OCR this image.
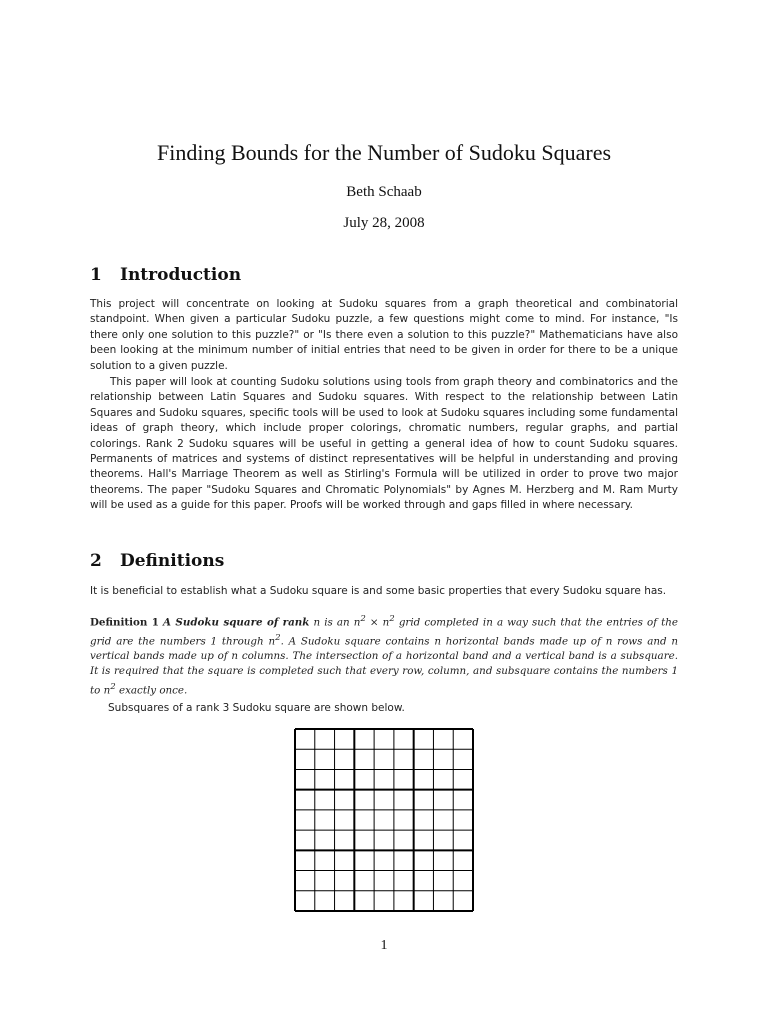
Finding Bounds for the Number of Sudoku Squares
Beth Schaab
July 28, 2008
1 Introduction
This project will concentrate on looking at Sudoku squares from a graph theoretical and combinatorial standpoint. When given a particular Sudoku puzzle, a few questions might come to mind. For instance, "Is there only one solution to this puzzle?" or "Is there even a solution to this puzzle?" Mathematicians have also been looking at the minimum number of initial entries that need to be given in order for there to be a unique solution to a given puzzle.
This paper will look at counting Sudoku solutions using tools from graph theory and combinatorics and the relationship between Latin Squares and Sudoku squares. With respect to the relationship between Latin Squares and Sudoku squares, specific tools will be used to look at Sudoku squares including some fundamental ideas of graph theory, which include proper colorings, chromatic numbers, regular graphs, and partial colorings. Rank 2 Sudoku squares will be useful in getting a general idea of how to count Sudoku squares. Permanents of matrices and systems of distinct representatives will be helpful in understanding and proving theorems. Hall's Marriage Theorem as well as Stirling's Formula will be utilized in order to prove two major theorems. The paper "Sudoku Squares and Chromatic Polynomials" by Agnes M. Herzberg and M. Ram Murty will be used as a guide for this paper. Proofs will be worked through and gaps filled in where necessary.
2 Definitions
It is beneficial to establish what a Sudoku square is and some basic properties that every Sudoku square has.
Definition 1 A Sudoku square of rank n is an $n^2 \times n^2$ grid completed in a way such that the entries of the grid are the numbers 1 through $n^2$. A Sudoku square contains n horizontal bands made up of n rows and n vertical bands made up of n columns. The intersection of a horizontal band and a vertical band is a subsquare. It is required that the square is completed such that every row, column, and subsquare contains the numbers 1 to $n^2$ exactly once.
Subsquares of a rank 3 Sudoku square are shown below.
1
